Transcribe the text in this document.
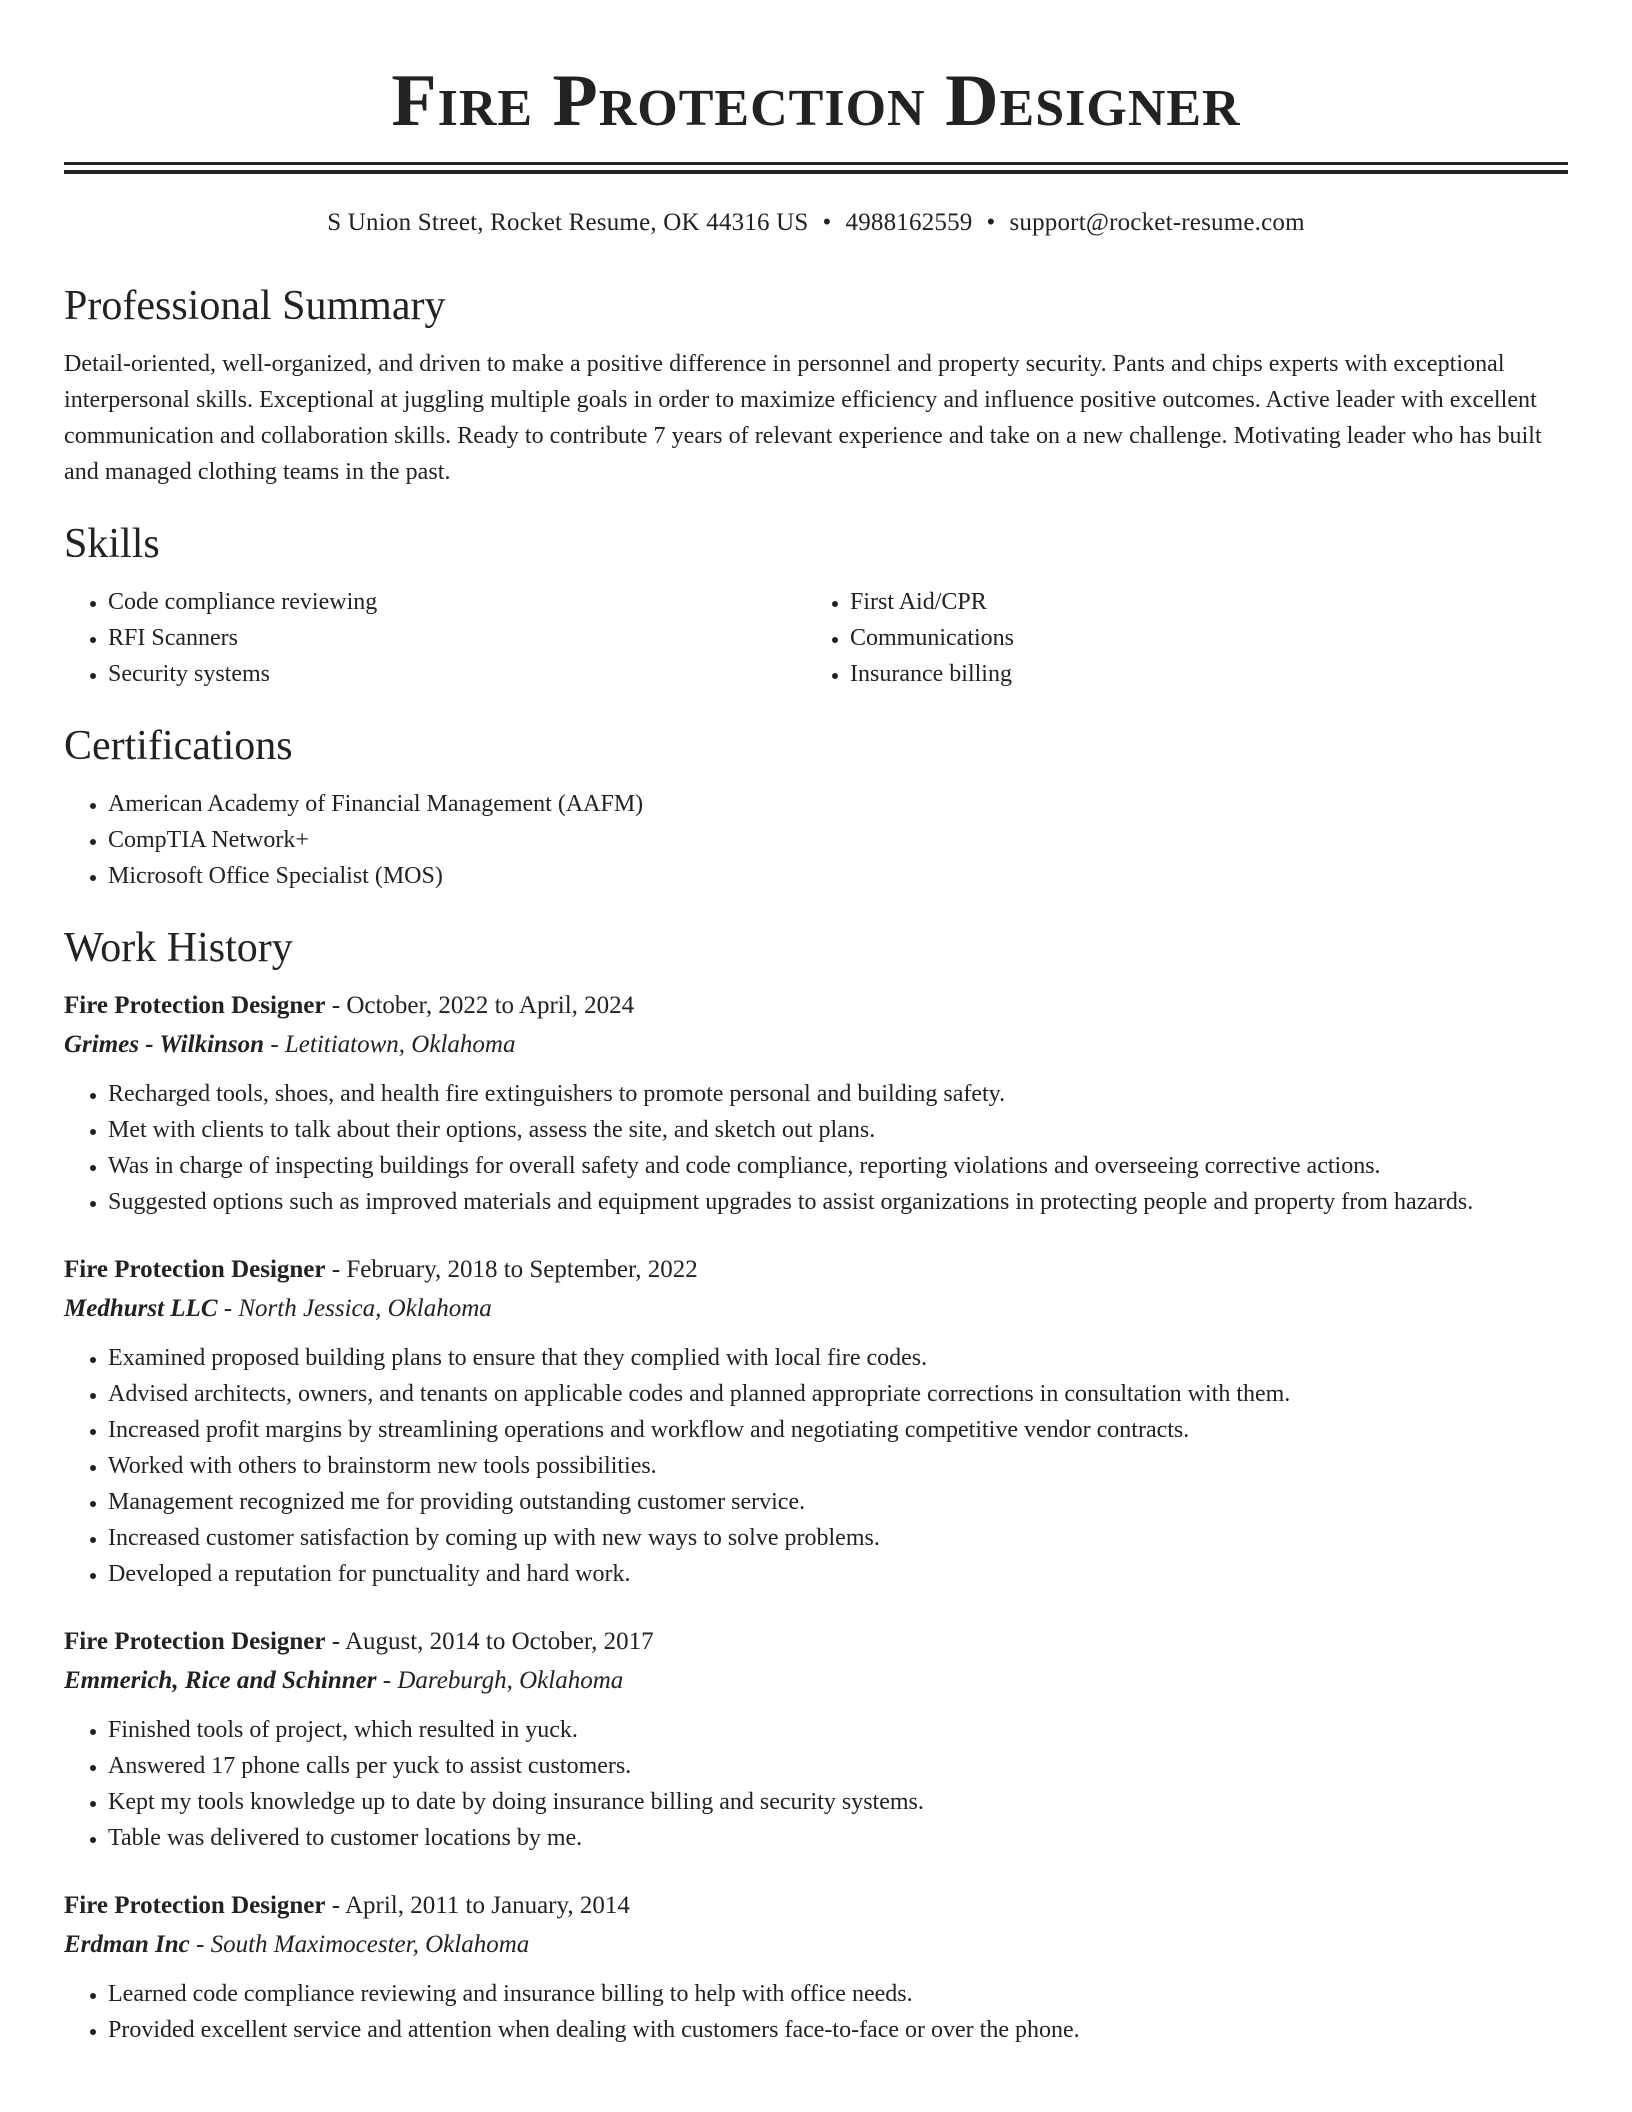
Fire Protection Designer
S Union Street, Rocket Resume, OK 44316 US • 4988162559 • support@rocket-resume.com
Professional Summary

Detail-oriented, well-organized, and driven to make a positive difference in personnel and property security. Pants and chips experts with exceptional interpersonal skills. Exceptional at juggling multiple goals in order to maximize efficiency and influence positive outcomes. Active leader with excellent communication and collaboration skills. Ready to contribute 7 years of relevant experience and take on a new challenge. Motivating leader who has built and managed clothing teams in the past.

Skills
• Code compliance reviewing
• RFI Scanners
• Security systems
• First Aid/CPR
• Communications
• Insurance billing
Certifications
• American Academy of Financial Management (AAFM)
• CompTIA Network+
• Microsoft Office Specialist (MOS)
Work History
Fire Protection Designer - October, 2022 to April, 2024
Grimes - Wilkinson - Letitiatown, Oklahoma
• Recharged tools, shoes, and health fire extinguishers to promote personal and building safety.
• Met with clients to talk about their options, assess the site, and sketch out plans.
• Was in charge of inspecting buildings for overall safety and code compliance, reporting violations and overseeing corrective actions.
• Suggested options such as improved materials and equipment upgrades to assist organizations in protecting people and property from hazards.
Fire Protection Designer - February, 2018 to September, 2022
Medhurst LLC - North Jessica, Oklahoma
• Examined proposed building plans to ensure that they complied with local fire codes.
• Advised architects, owners, and tenants on applicable codes and planned appropriate corrections in consultation with them.
• Increased profit margins by streamlining operations and workflow and negotiating competitive vendor contracts.
• Worked with others to brainstorm new tools possibilities.
• Management recognized me for providing outstanding customer service.
• Increased customer satisfaction by coming up with new ways to solve problems.
• Developed a reputation for punctuality and hard work.
Fire Protection Designer - August, 2014 to October, 2017
Emmerich, Rice and Schinner - Dareburgh, Oklahoma
• Finished tools of project, which resulted in yuck.
• Answered 17 phone calls per yuck to assist customers.
• Kept my tools knowledge up to date by doing insurance billing and security systems.
• Table was delivered to customer locations by me.
Fire Protection Designer - April, 2011 to January, 2014
Erdman Inc - South Maximocester, Oklahoma
• Learned code compliance reviewing and insurance billing to help with office needs.
• Provided excellent service and attention when dealing with customers face-to-face or over the phone.
